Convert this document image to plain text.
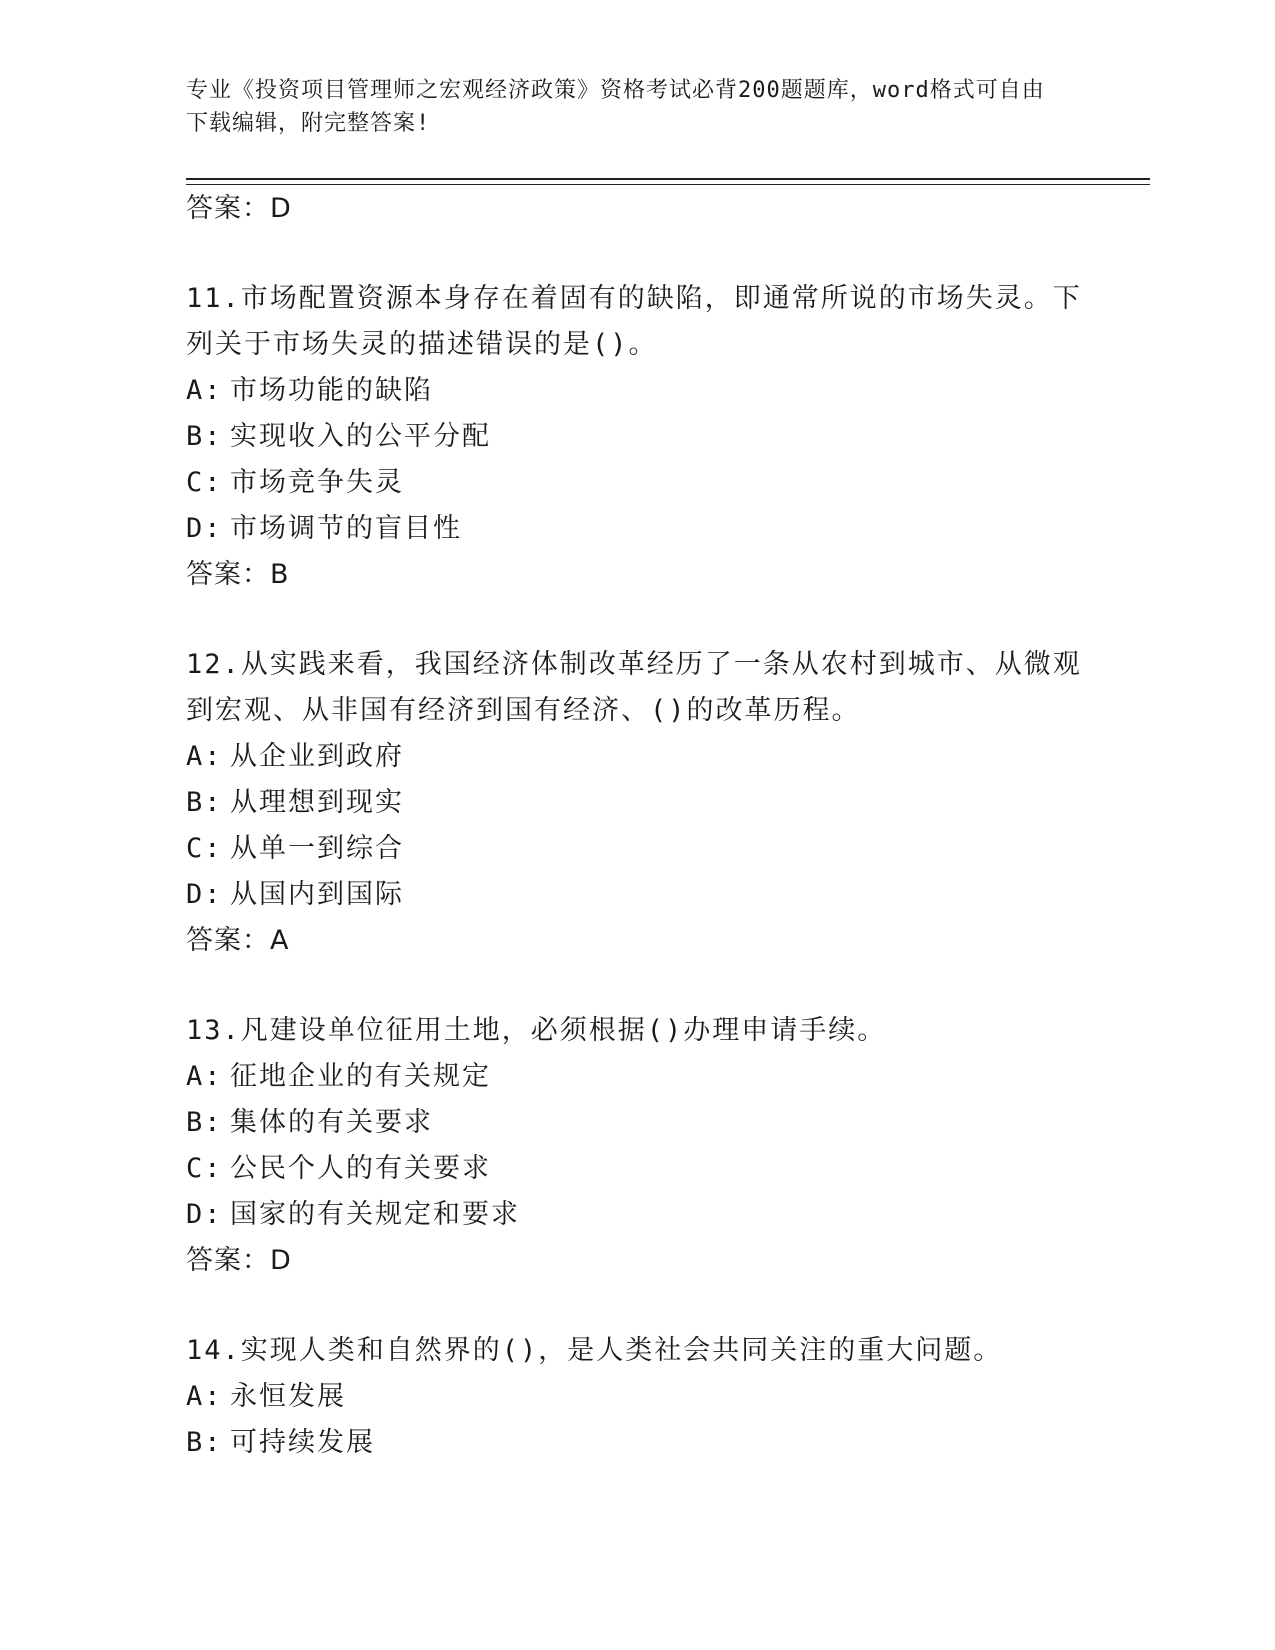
专业《投资项目管理师之宏观经济政策》资格考试必背200题题库，word格式可自由下载编辑，附完整答案!
答案：D
11.市场配置资源本身存在着固有的缺陷，即通常所说的市场失灵。下列关于市场失灵的描述错误的是()。
A: 市场功能的缺陷
B: 实现收入的公平分配
C: 市场竞争失灵
D: 市场调节的盲目性
答案：B
12.从实践来看，我国经济体制改革经历了一条从农村到城市、从微观到宏观、从非国有经济到国有经济、()的改革历程。
A: 从企业到政府
B: 从理想到现实
C: 从单一到综合
D: 从国内到国际
答案：A
13.凡建设单位征用土地，必须根据()办理申请手续。
A: 征地企业的有关规定
B: 集体的有关要求
C: 公民个人的有关要求
D: 国家的有关规定和要求
答案：D
14.实现人类和自然界的()，是人类社会共同关注的重大问题。
A: 永恒发展
B: 可持续发展
